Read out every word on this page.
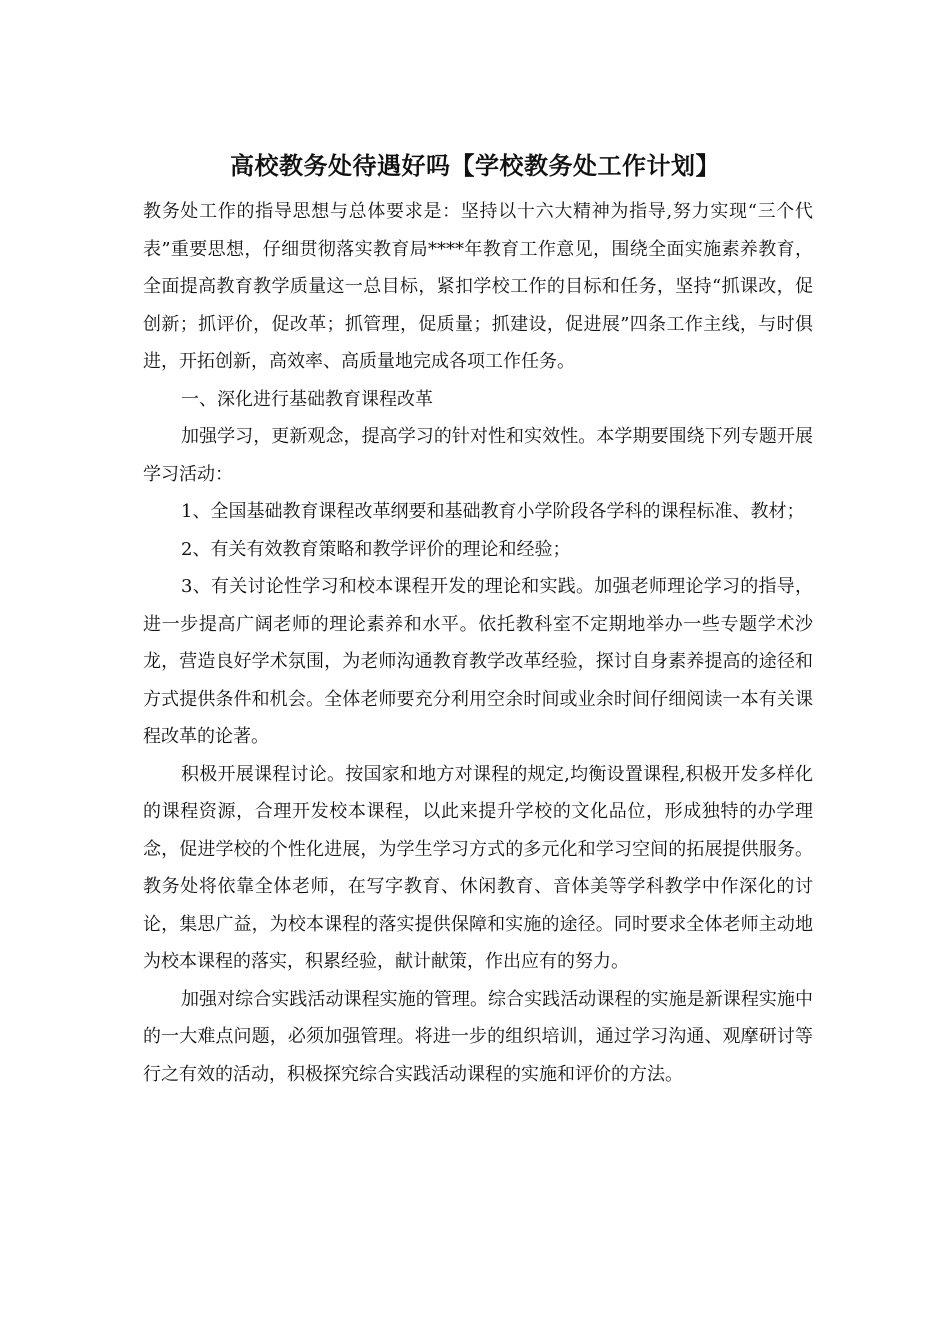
高校教务处待遇好吗【学校教务处工作计划】

教务处工作的指导思想与总体要求是：坚持以十六大精神为指导,努力实现“三个代表”重要思想，仔细贯彻落实教育局****年教育工作意见，围绕全面实施素养教育，全面提高教育教学质量这一总目标，紧扣学校工作的目标和任务，坚持“抓课改，促创新；抓评价，促改革；抓管理，促质量；抓建设，促进展”四条工作主线，与时俱进，开拓创新，高效率、高质量地完成各项工作任务。

一、深化进行基础教育课程改革

加强学习，更新观念，提高学习的针对性和实效性。本学期要围绕下列专题开展学习活动：

1、全国基础教育课程改革纲要和基础教育小学阶段各学科的课程标准、教材；

2、有关有效教育策略和教学评价的理论和经验；

3、有关讨论性学习和校本课程开发的理论和实践。加强老师理论学习的指导，进一步提高广阔老师的理论素养和水平。依托教科室不定期地举办一些专题学术沙龙，营造良好学术氛围，为老师沟通教育教学改革经验，探讨自身素养提高的途径和方式提供条件和机会。全体老师要充分利用空余时间或业余时间仔细阅读一本有关课程改革的论著。

积极开展课程讨论。按国家和地方对课程的规定,均衡设置课程,积极开发多样化的课程资源，合理开发校本课程，以此来提升学校的文化品位，形成独特的办学理念，促进学校的个性化进展，为学生学习方式的多元化和学习空间的拓展提供服务。教务处将依靠全体老师，在写字教育、休闲教育、音体美等学科教学中作深化的讨论，集思广益，为校本课程的落实提供保障和实施的途径。同时要求全体老师主动地为校本课程的落实，积累经验，献计献策，作出应有的努力。

加强对综合实践活动课程实施的管理。综合实践活动课程的实施是新课程实施中的一大难点问题，必须加强管理。将进一步的组织培训，通过学习沟通、观摩研讨等行之有效的活动，积极探究综合实践活动课程的实施和评价的方法。
